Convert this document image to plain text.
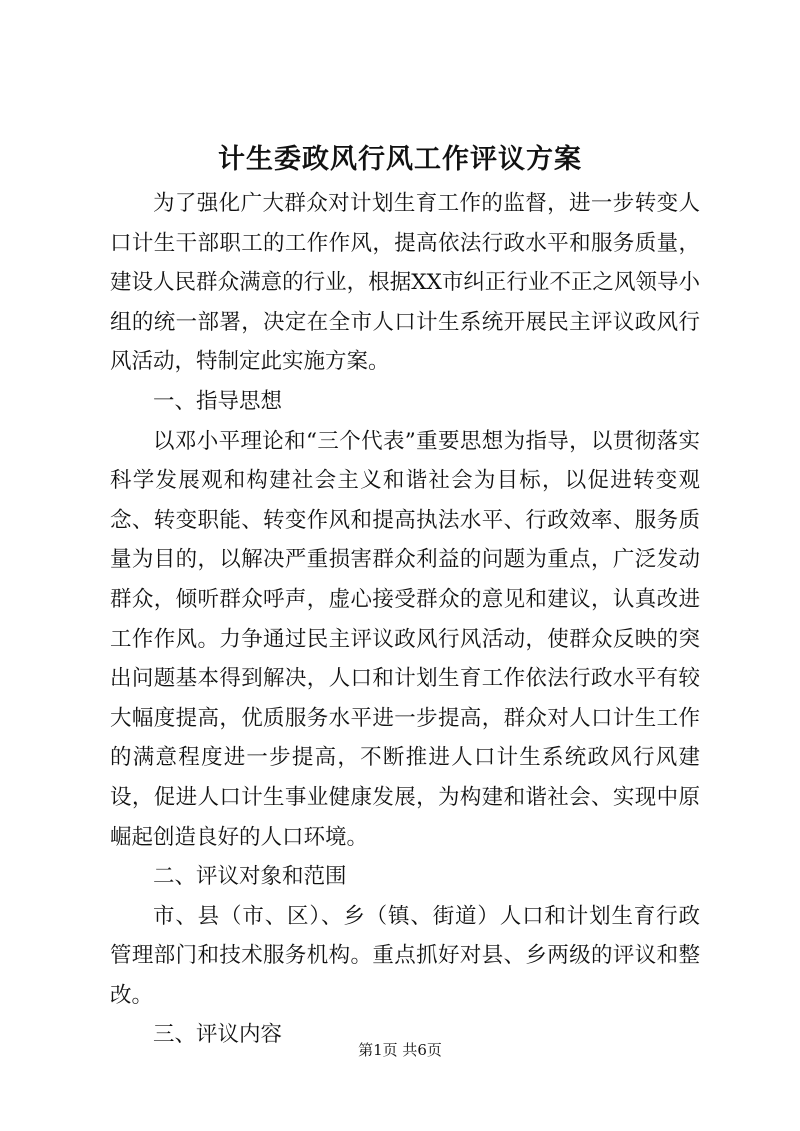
计生委政风行风工作评议方案

为了强化广大群众对计划生育工作的监督，进一步转变人口计生干部职工的工作作风，提高依法行政水平和服务质量，建设人民群众满意的行业，根据XX市纠正行业不正之风领导小组的统一部署，决定在全市人口计生系统开展民主评议政风行风活动，特制定此实施方案。

一、指导思想

以邓小平理论和“三个代表”重要思想为指导，以贯彻落实科学发展观和构建社会主义和谐社会为目标，以促进转变观念、转变职能、转变作风和提高执法水平、行政效率、服务质量为目的，以解决严重损害群众利益的问题为重点，广泛发动群众，倾听群众呼声，虚心接受群众的意见和建议，认真改进工作作风。力争通过民主评议政风行风活动，使群众反映的突出问题基本得到解决，人口和计划生育工作依法行政水平有较大幅度提高，优质服务水平进一步提高，群众对人口计生工作的满意程度进一步提高，不断推进人口计生系统政风行风建设，促进人口计生事业健康发展，为构建和谐社会、实现中原崛起创造良好的人口环境。

二、评议对象和范围

市、县（市、区）、乡（镇、街道）人口和计划生育行政管理部门和技术服务机构。重点抓好对县、乡两级的评议和整改。

三、评议内容

第1页 共6页
